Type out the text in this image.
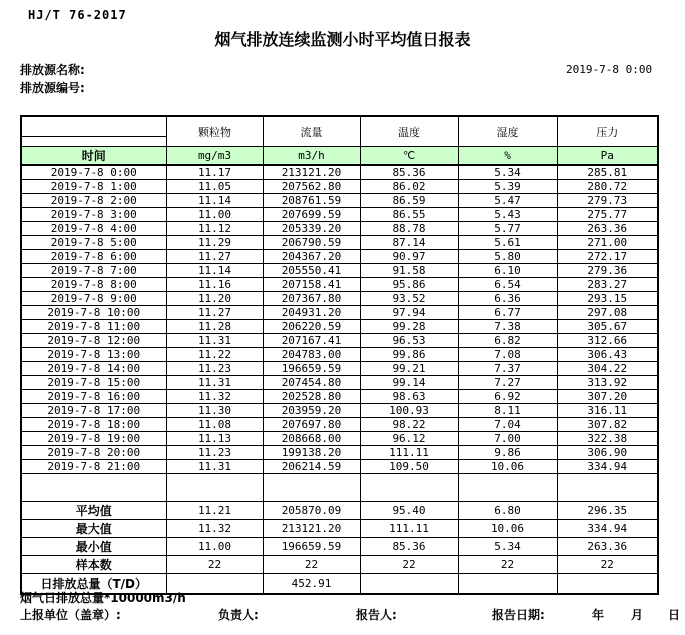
HJ/T 76-2017
烟气排放连续监测小时平均值日报表
排放源名称:
排放源编号:
2019-7-8 0:00
	颗粒物	流量	温度	湿度	压力

时间	mg/m3	m3/h	℃	%	Pa
2019-7-8 0:00	11.17	213121.20	85.36	5.34	285.81
2019-7-8 1:00	11.05	207562.80	86.02	5.39	280.72
2019-7-8 2:00	11.14	208761.59	86.59	5.47	279.73
2019-7-8 3:00	11.00	207699.59	86.55	5.43	275.77
2019-7-8 4:00	11.12	205339.20	88.78	5.77	263.36
2019-7-8 5:00	11.29	206790.59	87.14	5.61	271.00
2019-7-8 6:00	11.27	204367.20	90.97	5.80	272.17
2019-7-8 7:00	11.14	205550.41	91.58	6.10	279.36
2019-7-8 8:00	11.16	207158.41	95.86	6.54	283.27
2019-7-8 9:00	11.20	207367.80	93.52	6.36	293.15
2019-7-8 10:00	11.27	204931.20	97.94	6.77	297.08
2019-7-8 11:00	11.28	206220.59	99.28	7.38	305.67
2019-7-8 12:00	11.31	207167.41	96.53	6.82	312.66
2019-7-8 13:00	11.22	204783.00	99.86	7.08	306.43
2019-7-8 14:00	11.23	196659.59	99.21	7.37	304.22
2019-7-8 15:00	11.31	207454.80	99.14	7.27	313.92
2019-7-8 16:00	11.32	202528.80	98.63	6.92	307.20
2019-7-8 17:00	11.30	203959.20	100.93	8.11	316.11
2019-7-8 18:00	11.08	207697.80	98.22	7.04	307.82
2019-7-8 19:00	11.13	208668.00	96.12	7.00	322.38
2019-7-8 20:00	11.23	199138.20	111.11	9.86	306.90
2019-7-8 21:00	11.31	206214.59	109.50	10.06	334.94

平均值	11.21	205870.09	95.40	6.80	296.35
最大值	11.32	213121.20	111.11	10.06	334.94
最小值	11.00	196659.59	85.36	5.34	263.36
样本数	22	22	22	22	22
日排放总量（T/D）		452.91			
烟气日排放总量*10000m3/h
上报单位（盖章）:	负责人:	报告人:	报告日期:	年 月 日
